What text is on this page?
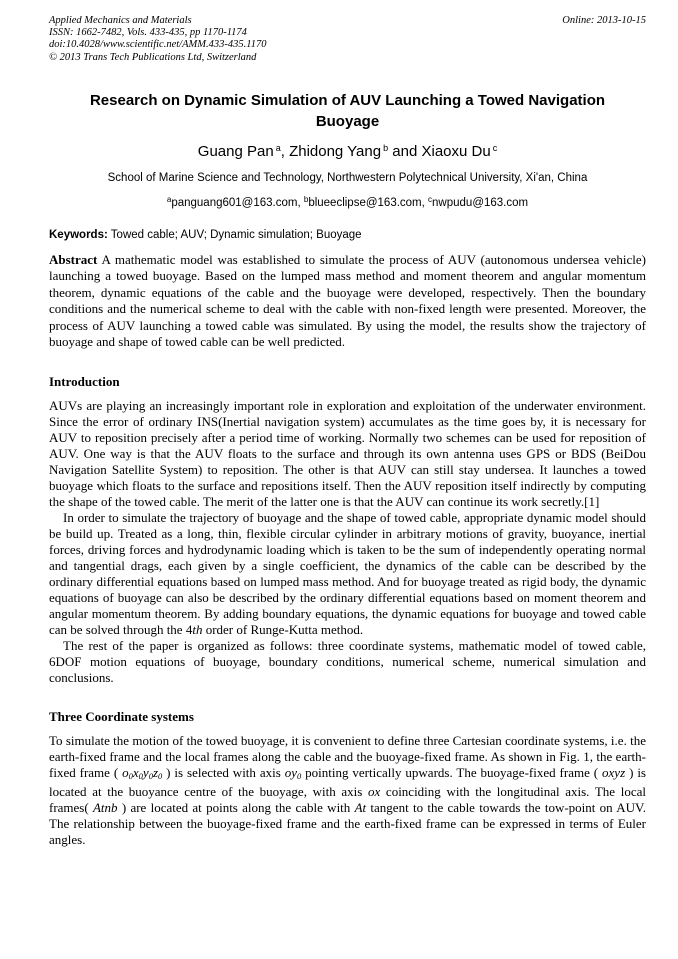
Applied Mechanics and Materials
ISSN: 1662-7482, Vols. 433-435, pp 1170-1174
doi:10.4028/www.scientific.net/AMM.433-435.1170
© 2013 Trans Tech Publications Ltd, Switzerland
Online: 2013-10-15
Research on Dynamic Simulation of AUV Launching a Towed Navigation
Buoyage
Guang Pan $^a$, Zhidong Yang $^b$ and Xiaoxu Du $^c$
School of Marine Science and Technology, Northwestern Polytechnical University, Xi'an, China
$^a$panguang601@163.com, $^b$blueeclipse@163.com, $^c$nwpudu@163.com
Keywords: Towed cable; AUV; Dynamic simulation; Buoyage
Abstract A mathematic model was established to simulate the process of AUV (autonomous undersea vehicle) launching a towed buoyage. Based on the lumped mass method and moment theorem and angular momentum theorem, dynamic equations of the cable and the buoyage were developed, respectively. Then the boundary conditions and the numerical scheme to deal with the cable with non-fixed length were presented. Moreover, the process of AUV launching a towed cable was simulated. By using the model, the results show the trajectory of buoyage and shape of towed cable can be well predicted.
Introduction

AUVs are playing an increasingly important role in exploration and exploitation of the underwater environment. Since the error of ordinary INS(Inertial navigation system) accumulates as the time goes by, it is necessary for AUV to reposition precisely after a period time of working. Normally two schemes can be used for reposition of AUV. One way is that the AUV floats to the surface and through its own antenna uses GPS or BDS (BeiDou Navigation Satellite System) to reposition. The other is that AUV can still stay undersea. It launches a towed buoyage which floats to the surface and repositions itself. Then the AUV reposition itself indirectly by computing the shape of the towed cable. The merit of the latter one is that the AUV can continue its work secretly.[1]

In order to simulate the trajectory of buoyage and the shape of towed cable, appropriate dynamic model should be build up. Treated as a long, thin, flexible circular cylinder in arbitrary motions of gravity, buoyance, inertial forces, driving forces and hydrodynamic loading which is taken to be the sum of independently operating normal and tangential drags, each given by a single coefficient, the dynamics of the cable can be described by the ordinary differential equations based on lumped mass method. And for buoyage treated as rigid body, the dynamic equations of buoyage can also be described by the ordinary differential equations based on moment theorem and angular momentum theorem. By adding boundary equations, the dynamic equations for buoyage and towed cable can be solved through the 4th order of Runge-Kutta method.

The rest of the paper is organized as follows: three coordinate systems, mathematic model of towed cable, 6DOF motion equations of buoyage, boundary conditions, numerical scheme, numerical simulation and conclusions.

Three Coordinate systems

To simulate the motion of the towed buoyage, it is convenient to define three Cartesian coordinate systems, i.e. the earth-fixed frame and the local frames along the cable and the buoyage-fixed frame. As shown in Fig. 1, the earth-fixed frame ( o0x0y0z0 ) is selected with axis oy0 pointing vertically upwards. The buoyage-fixed frame ( oxyz ) is located at the buoyance centre of the buoyage, with axis ox coinciding with the longitudinal axis. The local frames( Atnb ) are located at points along the cable with At tangent to the cable towards the tow-point on AUV. The relationship between the buoyage-fixed frame and the earth-fixed frame can be expressed in terms of Euler angles.
